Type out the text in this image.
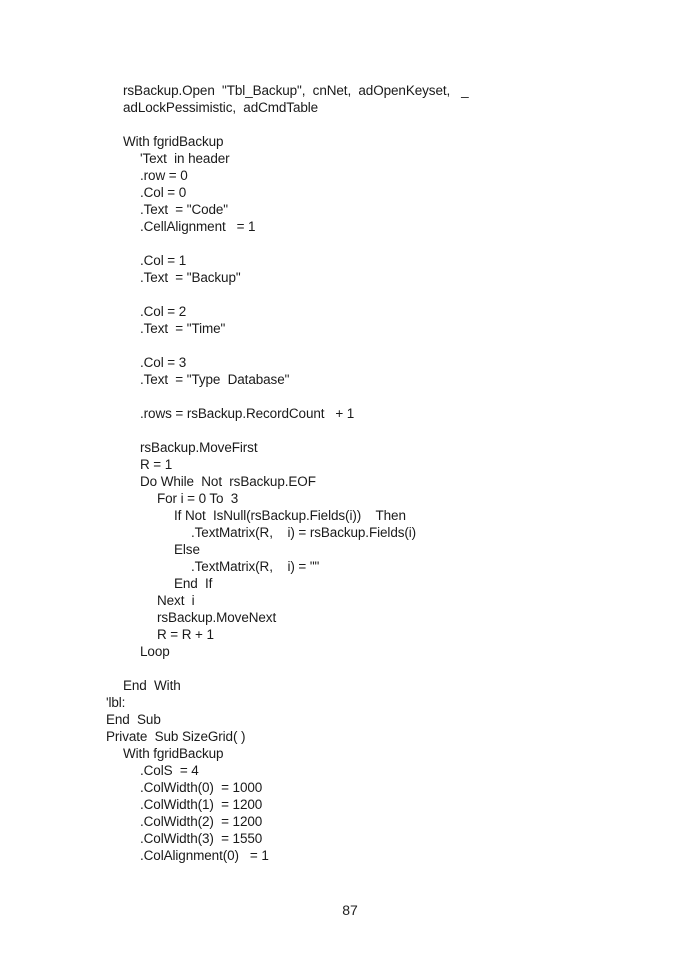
rsBackup.Open  "Tbl_Backup",  cnNet,  adOpenKeyset,   _
adLockPessimistic,  adCmdTable
With fgridBackup
'Text  in header
.row = 0
.Col = 0
.Text  = "Code"
.CellAlignment   = 1
.Col = 1
.Text  = "Backup"
.Col = 2
.Text  = "Time"
.Col = 3
.Text  = "Type  Database"
.rows = rsBackup.RecordCount   + 1
rsBackup.MoveFirst
R = 1
Do While  Not  rsBackup.EOF
For i = 0 To  3
If Not  IsNull(rsBackup.Fields(i))    Then
.TextMatrix(R,    i) = rsBackup.Fields(i)
Else
.TextMatrix(R,    i) = ""
End  If
Next  i
rsBackup.MoveNext
R = R + 1
Loop
End  With
'lbl:
End  Sub
Private  Sub SizeGrid( )
With fgridBackup
.ColS  = 4
.ColWidth(0)  = 1000
.ColWidth(1)  = 1200
.ColWidth(2)  = 1200
.ColWidth(3)  = 1550
.ColAlignment(0)   = 1
87
